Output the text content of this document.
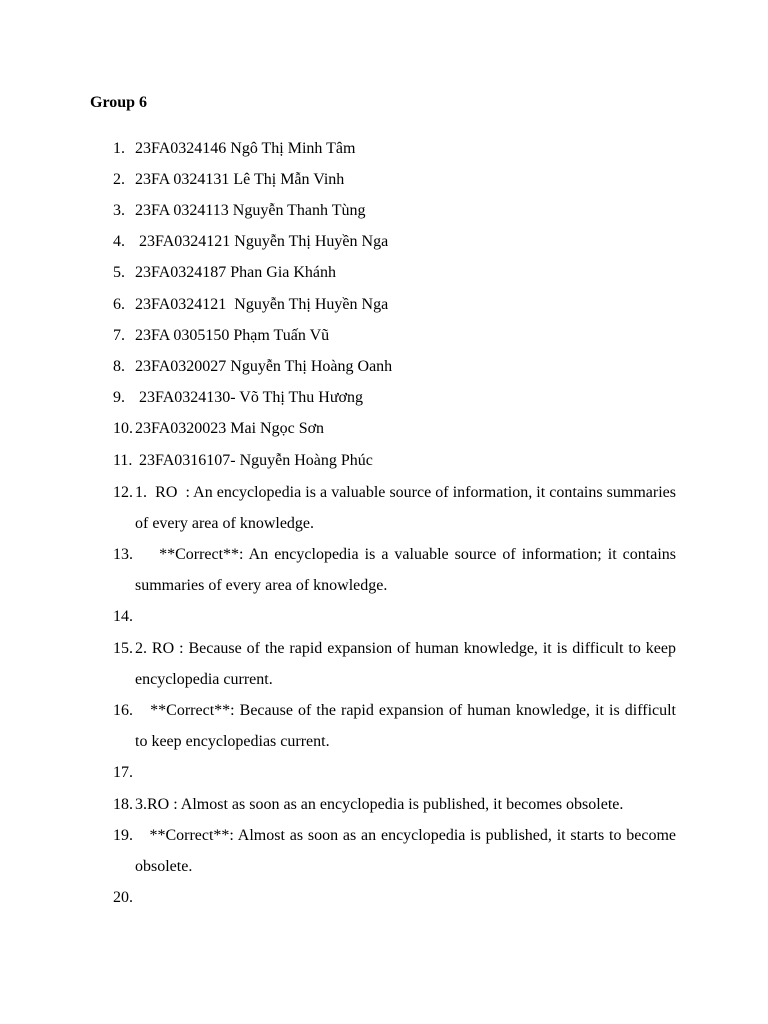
Group 6
1. 23FA0324146 Ngô Thị Minh Tâm
2. 23FA 0324131 Lê Thị Mẫn Vinh
3. 23FA 0324113 Nguyễn Thanh Tùng
4. 23FA0324121 Nguyễn Thị Huyền Nga
5. 23FA0324187 Phan Gia Khánh
6. 23FA0324121  Nguyễn Thị Huyền Nga
7. 23FA 0305150 Phạm Tuấn Vũ
8. 23FA0320027 Nguyễn Thị Hoàng Oanh
9. 23FA0324130- Võ Thị Thu Hương
10. 23FA0320023 Mai Ngọc Sơn
11. 23FA0316107- Nguyễn Hoàng Phúc
12. 1.  RO  : An encyclopedia is a valuable source of information, it contains summaries of every area of knowledge.
13. **Correct**: An encyclopedia is a valuable source of information; it contains summaries of every area of knowledge.
14.
15. 2. RO : Because of the rapid expansion of human knowledge, it is difficult to keep encyclopedia current.
16. **Correct**: Because of the rapid expansion of human knowledge, it is difficult to keep encyclopedias current.
17.
18. 3.RO : Almost as soon as an encyclopedia is published, it becomes obsolete.
19. **Correct**: Almost as soon as an encyclopedia is published, it starts to become obsolete.
20.
